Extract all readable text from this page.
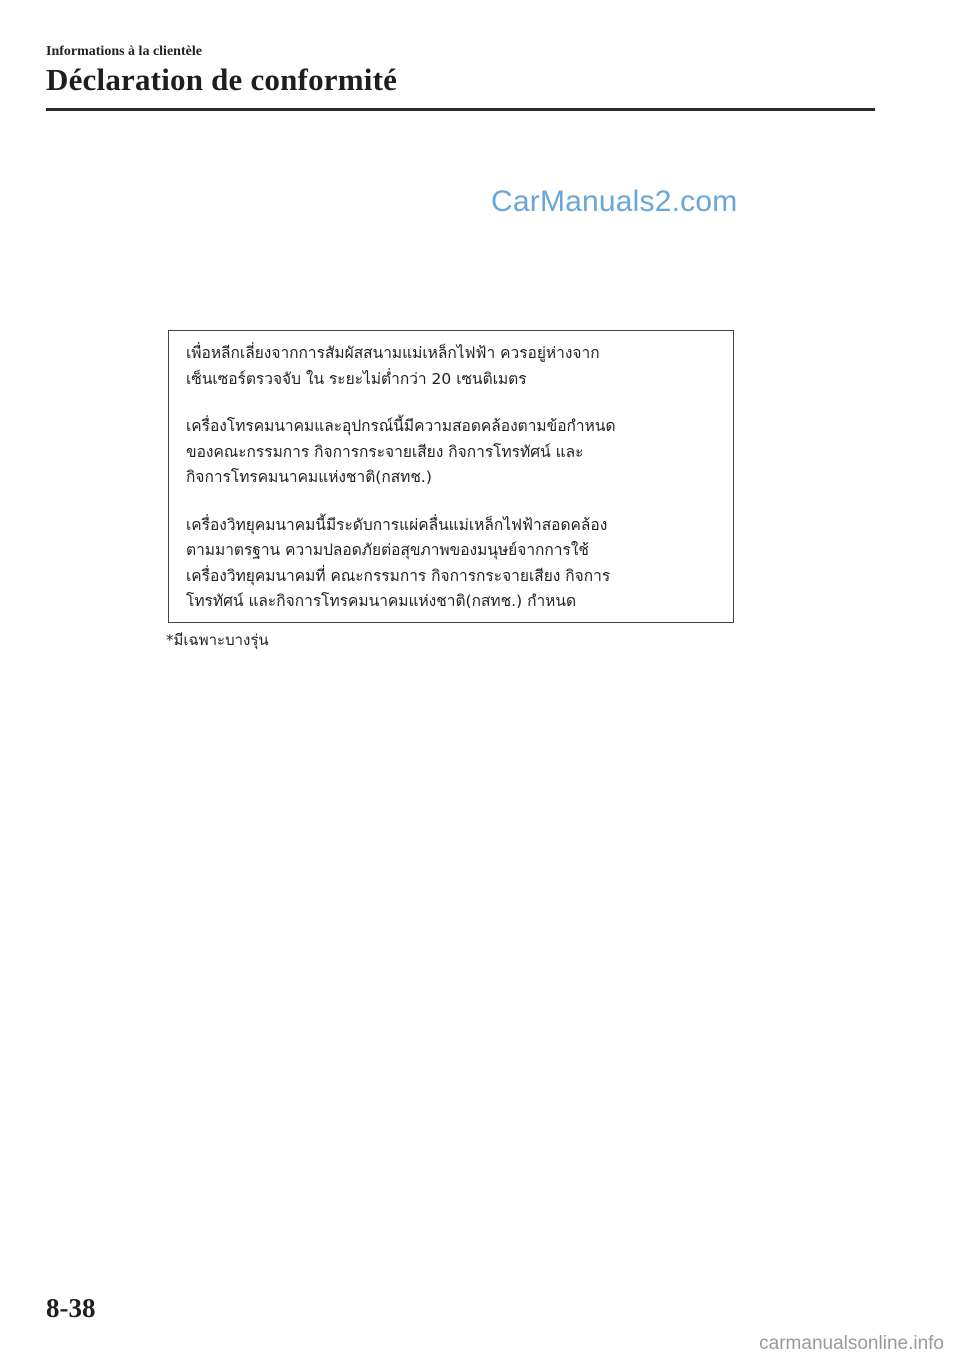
Informations à la clientèle
Déclaration de conformité
CarManuals2.com

เพื่อหลีกเลี่ยงจากการสัมผัสสนามแม่เหล็กไฟฟ้า ควรอยู่ห่างจาก
เซ็นเซอร์ตรวจจับ ใน ระยะไม่ต่ำกว่า 20 เซนติเมตร

เครื่องโทรคมนาคมและอุปกรณ์นี้มีความสอดคล้องตามข้อกำหนด
ของคณะกรรมการ กิจการกระจายเสียง กิจการโทรทัศน์ และ
กิจการโทรคมนาคมแห่งชาติ(กสทช.)

เครื่องวิทยุคมนาคมนี้มีระดับการแผ่คลื่นแม่เหล็กไฟฟ้าสอดคล้อง
ตามมาตรฐาน ความปลอดภัยต่อสุขภาพของมนุษย์จากการใช้
เครื่องวิทยุคมนาคมที่ คณะกรรมการ กิจการกระจายเสียง กิจการ
โทรทัศน์ และกิจการโทรคมนาคมแห่งชาติ(กสทช.) กำหนด

*มีเฉพาะบางรุ่น
8-38
carmanualsonline.info
